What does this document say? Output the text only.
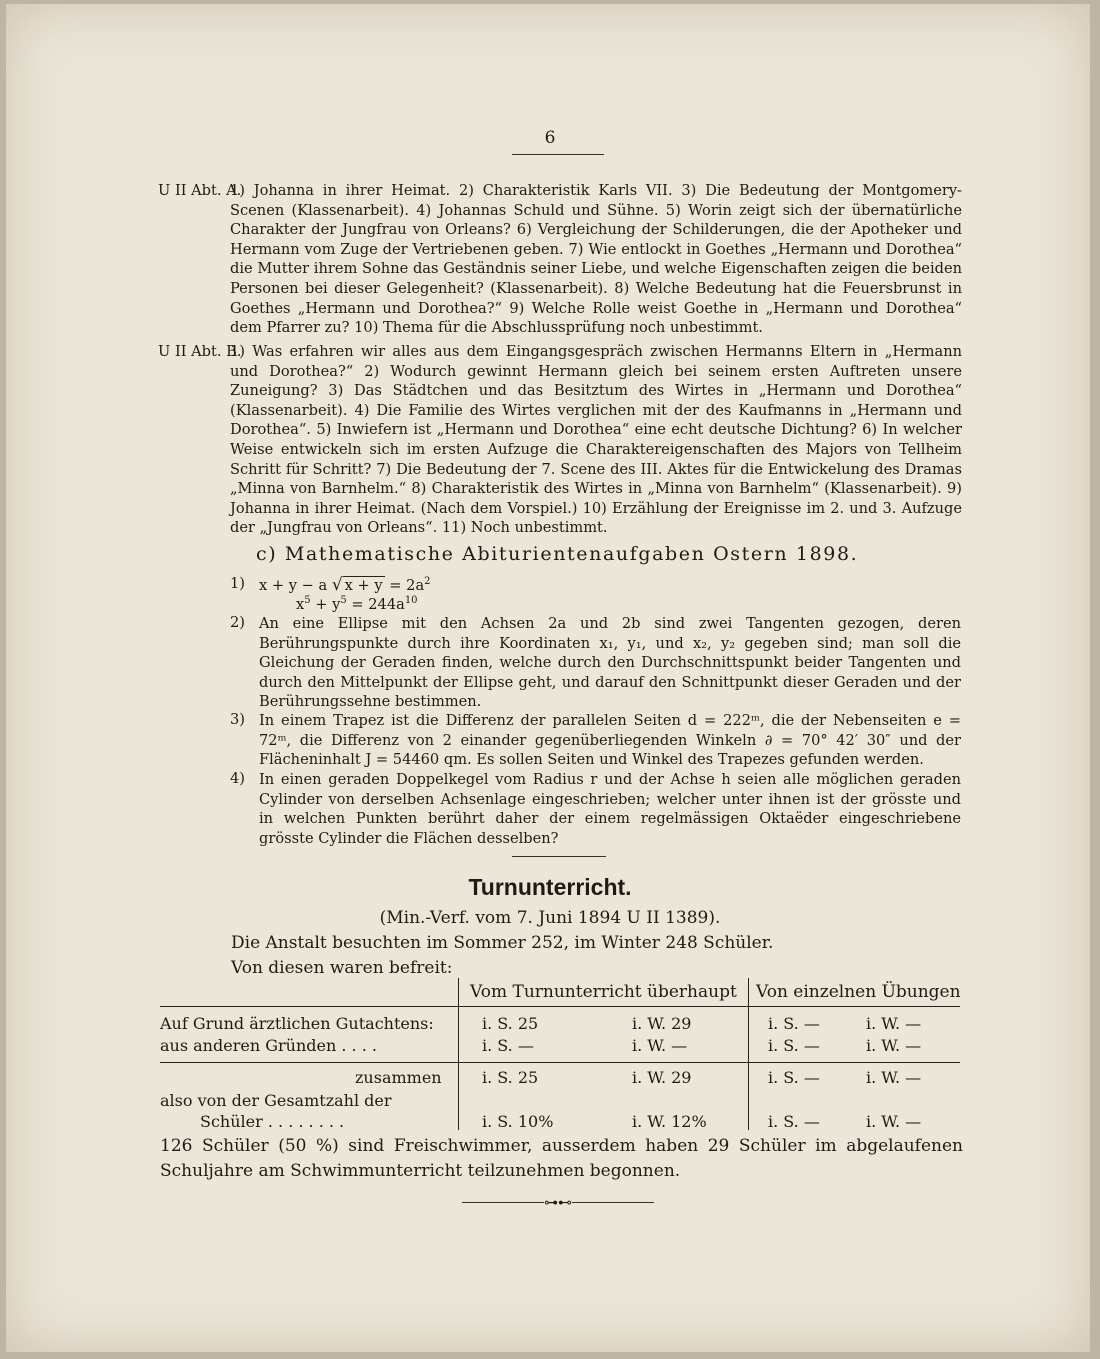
6
U II Abt. A.
1) Johanna in ihrer Heimat. 2) Charakteristik Karls VII. 3) Die Bedeutung der Montgomery-Scenen (Klassenarbeit). 4) Johannas Schuld und Sühne. 5) Worin zeigt sich der übernatürliche Charakter der Jungfrau von Orleans? 6) Vergleichung der Schilderungen, die der Apotheker und Hermann vom Zuge der Vertriebenen geben. 7) Wie entlockt in Goethes „Hermann und Dorothea“ die Mutter ihrem Sohne das Geständnis seiner Liebe, und welche Eigenschaften zeigen die beiden Personen bei dieser Gelegenheit? (Klassenarbeit). 8) Welche Bedeutung hat die Feuersbrunst in Goethes „Hermann und Dorothea?“ 9) Welche Rolle weist Goethe in „Hermann und Dorothea“ dem Pfarrer zu? 10) Thema für die Abschlussprüfung noch unbestimmt.
U II Abt. B.
1) Was erfahren wir alles aus dem Eingangsgespräch zwischen Hermanns Eltern in „Hermann und Dorothea?“ 2) Wodurch gewinnt Hermann gleich bei seinem ersten Auftreten unsere Zuneigung? 3) Das Städtchen und das Besitztum des Wirtes in „Hermann und Dorothea“ (Klassenarbeit). 4) Die Familie des Wirtes verglichen mit der des Kaufmanns in „Hermann und Dorothea“. 5) Inwiefern ist „Hermann und Dorothea“ eine echt deutsche Dichtung? 6) In welcher Weise entwickeln sich im ersten Aufzuge die Charaktereigenschaften des Majors von Tellheim Schritt für Schritt? 7) Die Bedeutung der 7. Scene des III. Aktes für die Entwickelung des Dramas „Minna von Barnhelm.“ 8) Charakteristik des Wirtes in „Minna von Barnhelm“ (Klassenarbeit). 9) Johanna in ihrer Heimat. (Nach dem Vorspiel.) 10) Erzählung der Ereignisse im 2. und 3. Aufzuge der „Jungfrau von Orleans“. 11) Noch unbestimmt.
c) Mathematische Abiturientenaufgaben Ostern 1898.
1) x + y − a √ $x + y = 2a^2$
$x^5 + y^5 = 244a^{10}$
2) An eine Ellipse mit den Achsen 2a und 2b sind zwei Tangenten gezogen, deren Berührungspunkte durch ihre Koordinaten x₁, y₁, und x₂, y₂ gegeben sind; man soll die Gleichung der Geraden finden, welche durch den Durchschnittspunkt beider Tangenten und durch den Mittelpunkt der Ellipse geht, und darauf den Schnittpunkt dieser Geraden und der Berührungssehne bestimmen.
3) In einem Trapez ist die Differenz der parallelen Seiten d = 222ᵐ, die der Nebenseiten e = 72ᵐ, die Differenz von 2 einander gegenüberliegenden Winkeln ∂ = 70° 42′ 30″ und der Flächeninhalt J = 54460 qm. Es sollen Seiten und Winkel des Trapezes gefunden werden.
4) In einen geraden Doppelkegel vom Radius r und der Achse h seien alle möglichen geraden Cylinder von derselben Achsenlage eingeschrieben; welcher unter ihnen ist der grösste und in welchen Punkten berührt daher der einem regelmässigen Oktaëder eingeschriebene grösste Cylinder die Flächen desselben?
Turnunterricht.
(Min.-Verf. vom 7. Juni 1894 U II 1389).
Die Anstalt besuchten im Sommer 252, im Winter 248 Schüler.
Von diesen waren befreit:
Vom Turnunterricht überhaupt Von einzelnen Übungen
Auf Grund ärztlichen Gutachtens:	i. S. 25	i. W. 29	i. S. —	i. W. —
aus anderen Gründen . . . .	i. S. —	i. W. —	i. S. —	i. W. —
zusammen	i. S. 25	i. W. 29	i. S. —	i. W. —
also von der Gesamtzahl der
Schüler . . . . . . . .	i. S. 10%	i. W. 12%	i. S. —	i. W. —
126 Schüler (50 %) sind Freischwimmer, ausserdem haben 29 Schüler im abgelaufenen Schuljahre am Schwimmunterricht teilzunehmen begonnen.
⊶⊷
